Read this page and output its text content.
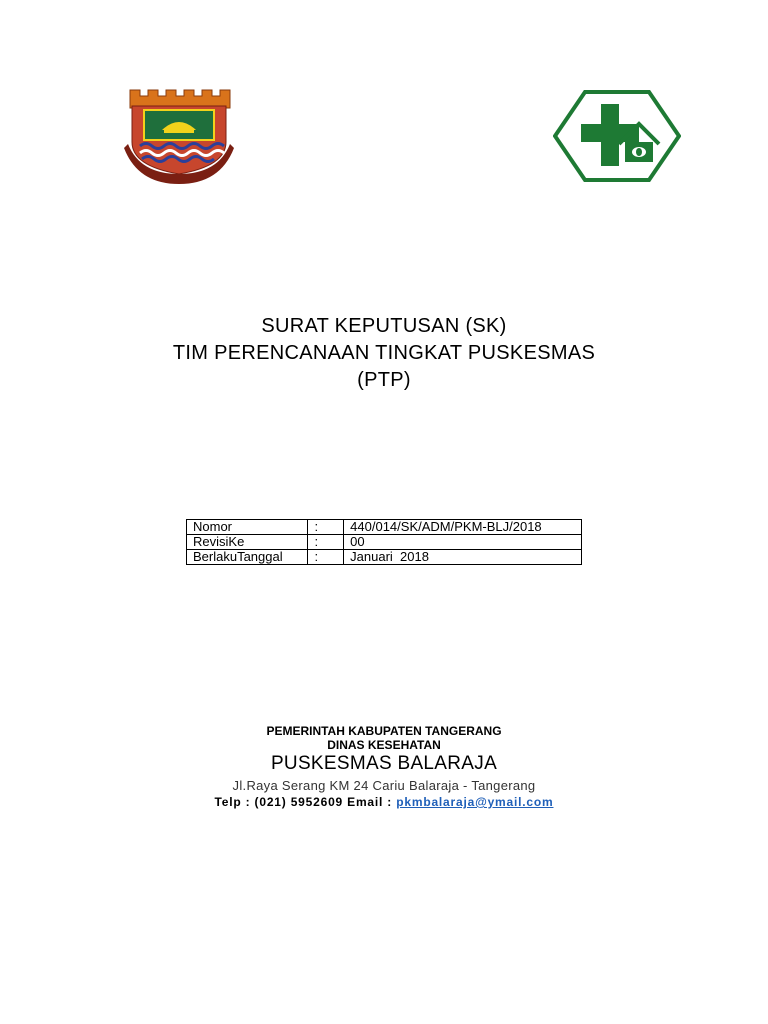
SURAT KEPUTUSAN (SK)
TIM PERENCANAAN TINGKAT PUSKESMAS
(PTP)
Nomor	:	440/014/SK/ADM/PKM-BLJ/2018
RevisiKe	:	00
BerlakuTanggal	:	Januari  2018
PEMERINTAH KABUPATEN TANGERANG
DINAS KESEHATAN
PUSKESMAS BALARAJA
Jl.Raya Serang KM 24 Cariu Balaraja - Tangerang
Telp : (021) 5952609 Email : pkmbalaraja@ymail.com
